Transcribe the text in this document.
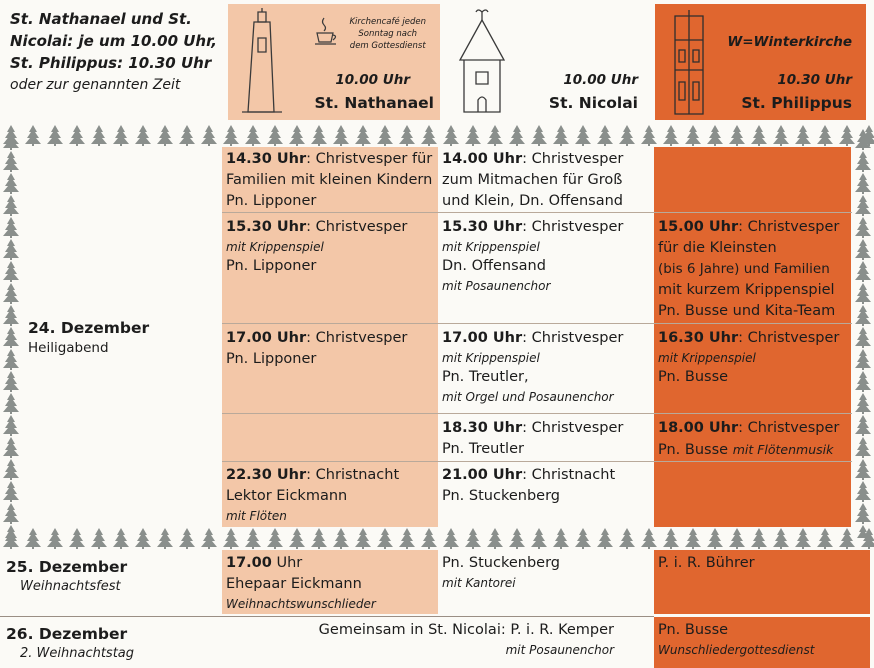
St. Nathanael und St.
Nicolai: je um 10.00 Uhr,
St. Philippus: 10.30 Uhr
oder zur genannten Zeit
Kirchencafé jeden
Sonntag nach
dem Gottesdienst
10.00 Uhr
St. Nathanael
10.00 Uhr
St. Nicolai
W=Winterkirche
10.30 Uhr
St. Philippus
24. Dezember
Heiligabend
14.30 Uhr: Christvesper für
Familien mit kleinen Kindern
Pn. Lipponer
14.00 Uhr: Christvesper
zum Mitmachen für Groß
und Klein, Dn. Offensand
15.30 Uhr: Christvesper
mit Krippenspiel
Pn. Lipponer
15.30 Uhr: Christvesper
mit Krippenspiel
Dn. Offensand
mit Posaunenchor
15.00 Uhr: Christvesper
für die Kleinsten
(bis 6 Jahre) und Familien
mit kurzem Krippenspiel
Pn. Busse und Kita-Team
17.00 Uhr: Christvesper
Pn. Lipponer
17.00 Uhr: Christvesper
mit Krippenspiel
Pn. Treutler,
mit Orgel und Posaunenchor
16.30 Uhr: Christvesper
mit Krippenspiel
Pn. Busse
18.30 Uhr: Christvesper
Pn. Treutler
18.00 Uhr: Christvesper
Pn. Busse mit Flötenmusik
22.30 Uhr: Christnacht
Lektor Eickmann
mit Flöten
21.00 Uhr: Christnacht
Pn. Stuckenberg
25. Dezember
Weihnachtsfest
17.00 Uhr
Ehepaar Eickmann
Weihnachtswunschlieder
Pn. Stuckenberg
mit Kantorei
P. i. R. Bührer
26. Dezember
2. Weihnachtstag
Gemeinsam in St. Nicolai: P. i. R. Kemper
mit Posaunenchor
Pn. Busse
Wunschliedergottesdienst
